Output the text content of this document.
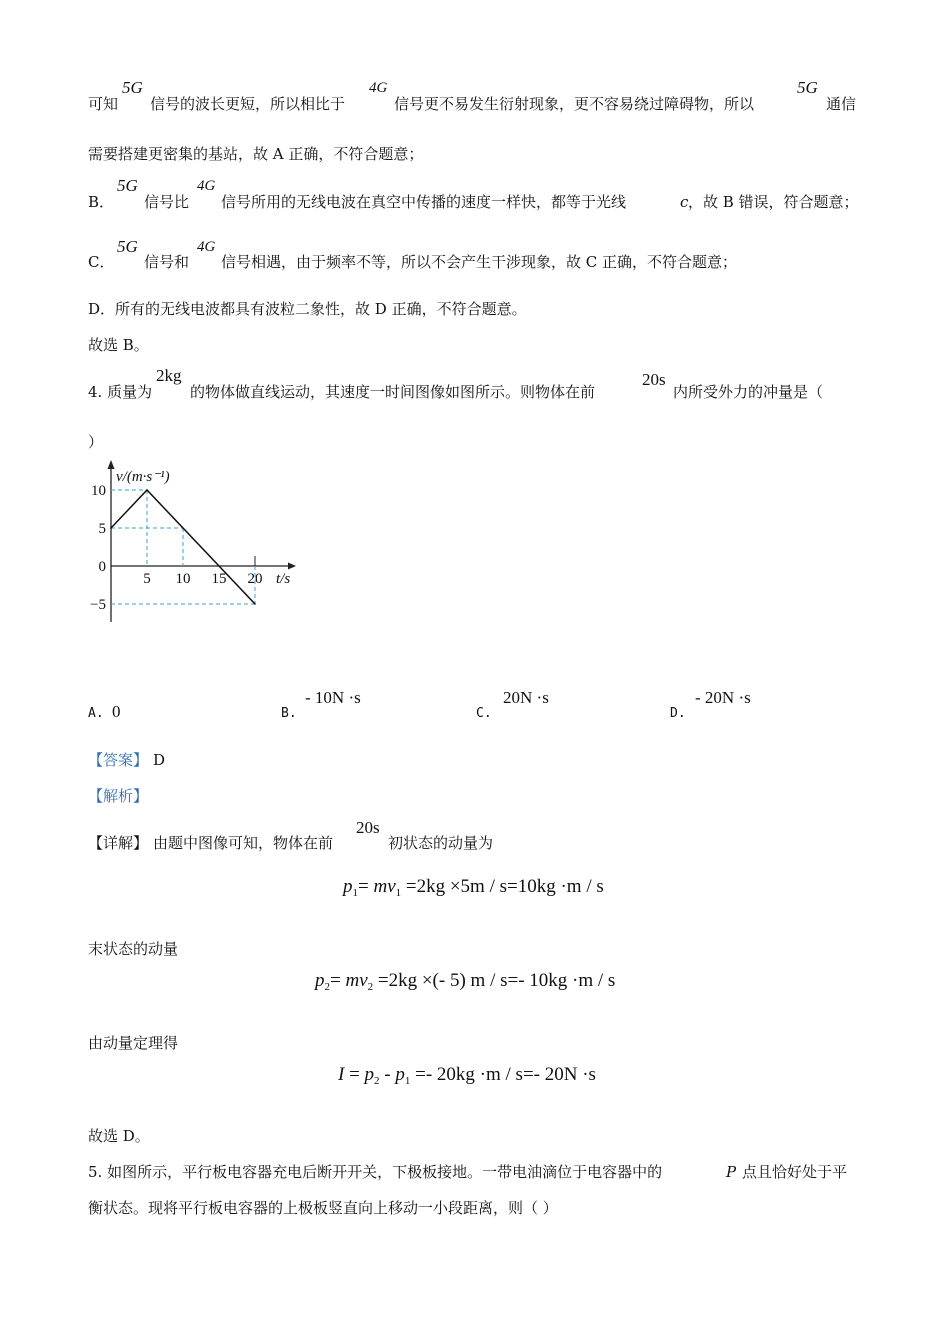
可知
5G
信号的波长更短，所以相比于
4G
信号更不易发生衍射现象，更不容易绕过障碍物，所以
5G
通信
需要搭建更密集的基站，故 A 正确，不符合题意；
B．
5G
信号比
4G
信号所用的无线电波在真空中传播的速度一样快，都等于光线	c ，故 B 错误，符合题意；
C．
5G
信号和
4G
信号相遇，由于频率不等，所以不会产生干涉现象，故 C 正确，不符合题意；
D．所有的无线电波都具有波粒二象性，故 D 正确，不符合题意。
故选 B。
4. 质量为
2kg
的物体做直线运动，其速度一时间图像如图所示。则物体在前
20s
内所受外力的冲量是（
）
10
5
0
−5
5 10 15 20
v/(m·s⁻¹)
t/s
A. 0	B.
- 10N ·s
C.
20N ·s
D.
- 20N ·s
【答案】 D
【解析】
【详解】 由题中图像可知，物体在前
20s
初状态的动量为
$p_1= mv_1 =2kg \times 5m / s=10kg \cdot m / s$
末状态的动量
$p_2= mv_2 =2kg$ ×(- 5) m / s=- 10kg ·m / s
由动量定理得
$I = p_2 - p_1 =- 20kg \cdot m / s=-$ 20N ·s
故选 D。
5. 如图所示，平行板电容器充电后断开开关，下极板接地。一带电油滴位于电容器中的	P 点且恰好处于平
衡状态。现将平行板电容器的上极板竖直向上移动一小段距离，则（ ）
